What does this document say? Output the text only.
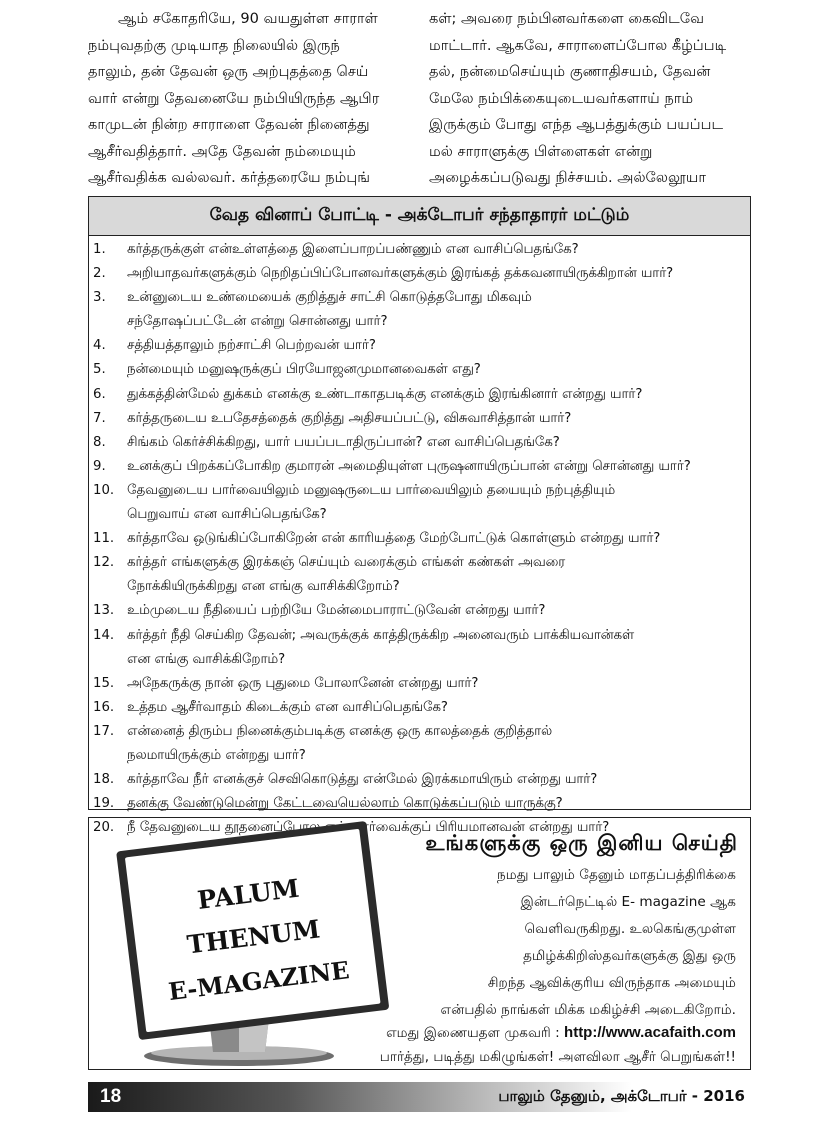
ஆம் சகோதரியே, 90 வயதுள்ள சாராள்
நம்புவதற்கு முடியாத நிலையில் இருந்
தாலும், தன் தேவன் ஒரு அற்புதத்தை செய்
வார் என்று தேவனையே நம்பியிருந்த ஆபிர
காமுடன் நின்ற சாராளை தேவன் நினைத்து
ஆசீர்வதித்தார். அதே தேவன் நம்மையும்
ஆசீர்வதிக்க வல்லவர். கர்த்தரையே நம்புங்

கள்; அவரை நம்பினவர்களை கைவிடவே
மாட்டார். ஆகவே, சாராளைப்போல கீழ்ப்படி
தல், நன்மைசெய்யும் குணாதிசயம், தேவன்
மேலே நம்பிக்கையுடையவர்களாய் நாம்
இருக்கும் போது எந்த ஆபத்துக்கும் பயப்பட
மல் சாராளுக்கு பிள்ளைகள் என்று
அழைக்கப்படுவது நிச்சயம். அல்லேலூயா

வேத வினாப் போட்டி - அக்டோபர் சந்தாதாரர் மட்டும்
1.	கர்த்தருக்குள் என்உள்ளத்தை இளைப்பாறப்பண்ணும் என வாசிப்பெதங்கே?
2.	அறியாதவர்களுக்கும் நெறிதப்பிப்போனவர்களுக்கும் இரங்கத் தக்கவனாயிருக்கிறான் யார்?
3.	உன்னுடைய உண்மையைக் குறித்துச் சாட்சி கொடுத்தபோது மிகவும்
சந்தோஷப்பட்டேன் என்று சொன்னது யார்?
4.	சத்தியத்தாலும் நற்சாட்சி பெற்றவன் யார்?
5.	நன்மையும் மனுஷருக்குப் பிரயோஜனமுமானவைகள் எது?
6.	துக்கத்தின்மேல் துக்கம் எனக்கு உண்டாகாதபடிக்கு எனக்கும் இரங்கினார் என்றது யார்?
7.	கர்த்தருடைய உபதேசத்தைக் குறித்து அதிசயப்பட்டு, விசுவாசித்தான் யார்?
8.	சிங்கம் கெர்ச்சிக்கிறது, யார் பயப்படாதிருப்பான்? என வாசிப்பெதங்கே?
9.	உனக்குப் பிறக்கப்போகிற குமாரன் அமைதியுள்ள புருஷனாயிருப்பான் என்று சொன்னது யார்?
10. தேவனுடைய பார்வையிலும் மனுஷருடைய பார்வையிலும் தயையும் நற்புத்தியும்
பெறுவாய் என வாசிப்பெதங்கே?
11. கர்த்தாவே ஒடுங்கிப்போகிறேன் என் காரியத்தை மேற்போட்டுக் கொள்ளும் என்றது யார்?
12. கர்த்தர் எங்களுக்கு இரக்கஞ் செய்யும் வரைக்கும் எங்கள் கண்கள் அவரை
நோக்கியிருக்கிறது என எங்கு வாசிக்கிறோம்?
13. உம்முடைய நீதியைப் பற்றியே மேன்மைபாராட்டுவேன் என்றது யார்?
14. கர்த்தர் நீதி செய்கிற தேவன்; அவருக்குக் காத்திருக்கிற அனைவரும் பாக்கியவான்கள்
என எங்கு வாசிக்கிறோம்?
15. அநேகருக்கு நான் ஒரு புதுமை போலானேன் என்றது யார்?
16. உத்தம ஆசீர்வாதம் கிடைக்கும் என வாசிப்பெதங்கே?
17. என்னைத் திரும்ப நினைக்கும்படிக்கு எனக்கு ஒரு காலத்தைக் குறித்தால்
நலமாயிருக்கும் என்றது யார்?
18. கர்த்தாவே நீர் எனக்குச் செவிகொடுத்து என்மேல் இரக்கமாயிரும் என்றது யார்?
19. தனக்கு வேண்டுமென்று கேட்டவையெல்லாம் கொடுக்கப்படும் யாருக்கு?
20. நீ தேவனுடைய தூதனைப்போல என் பார்வைக்குப் பிரியமானவன் என்றது யார்?
PALUM
THENUM
E-MAGAZINE
உங்களுக்கு ஒரு இனிய செய்தி
நமது பாலும் தேனும் மாதப்பத்திரிக்கை
இன்டர்நெட்டில் E- magazine ஆக
வெளிவருகிறது. உலகெங்குமுள்ள
தமிழ்க்கிறிஸ்தவர்களுக்கு இது ஒரு
சிறந்த ஆவிக்குரிய விருந்தாக அமையும்
என்பதில் நாங்கள் மிக்க மகிழ்ச்சி அடைகிறோம்.
எமது இணையதள முகவரி : http://www.acafaith.com
பார்த்து, படித்து மகிழுங்கள்! அளவிலா ஆசீர் பெறுங்கள்!!
18	பாலும் தேனும், அக்டோபர் - 2016
